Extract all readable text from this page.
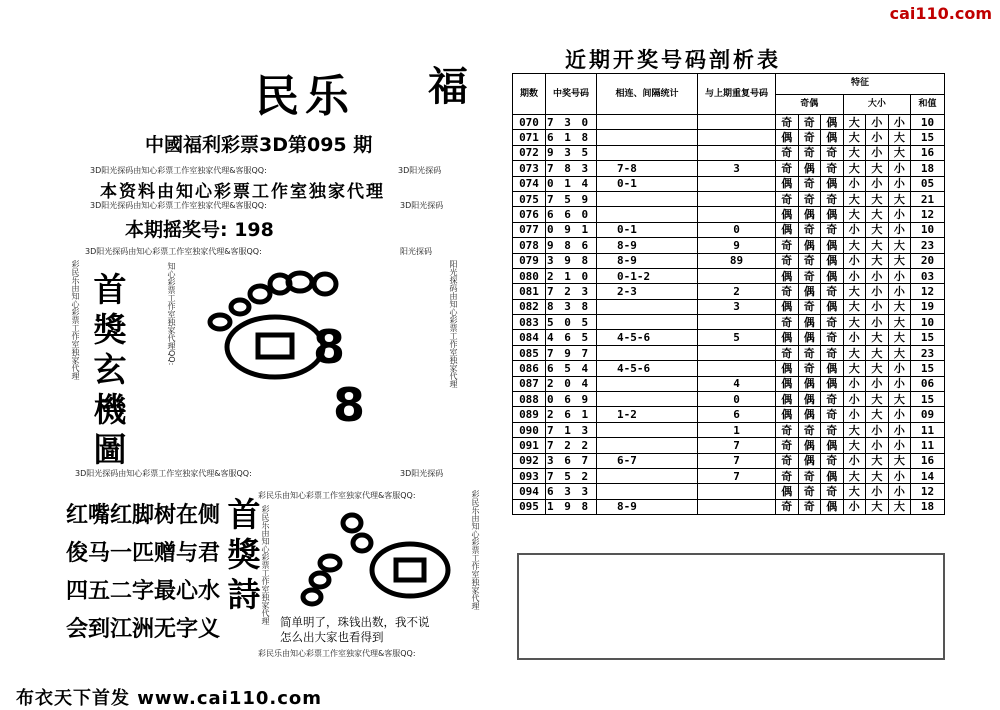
cai110.com
民乐 福
中國福利彩票3D第095 期
3D阳光探码由知心彩票工作室独家代理&客服QQ:	3D阳光探码
本资料由知心彩票工作室独家代理
3D阳光探码由知心彩票工作室独家代理&客服QQ:	3D阳光探码
本期摇奖号: 198
3D阳光探码由知心彩票工作室独家代理&客服QQ:	阳光探码
彩民乐由知心彩票工作室独家代理	阳光探码由知心彩票工作室独家代理
知心彩票工作室独家代理QQ:
首
獎
玄
機
圖
8
8
3D阳光探码由知心彩票工作室独家代理&客服QQ:	3D阳光探码
红嘴红脚树在侧
俊马一匹赠与君
四五二字最心水
会到江洲无字义
彩民乐由知心彩票工作室独家代理&客服QQ:
彩民乐由知心彩票工作室独家代理	彩民乐由知心彩票工作室独家代理
首
獎
詩
简单明了，珠钱出数，我不说
怎么出大家也看得到
彩民乐由知心彩票工作室独家代理&客服QQ:
布衣天下首发 www.cai110.com
近期开奖号码剖析表
期数	中奖号码	相连、间隔统计	与上期重复号码	特征						
				奇偶			大小			和值
070	7 3 0			奇	奇	偶	大	小	小	10
071	6 1 8			偶	奇	偶	大	小	大	15
072	9 3 5			奇	奇	奇	大	小	大	16
073	7 8 3	7-8	3	奇	偶	奇	大	大	小	18
074	0 1 4	0-1		偶	奇	偶	小	小	小	05
075	7 5 9			奇	奇	奇	大	大	大	21
076	6 6 0			偶	偶	偶	大	大	小	12
077	0 9 1	0-1	0	偶	奇	奇	小	大	小	10
078	9 8 6	8-9	9	奇	偶	偶	大	大	大	23
079	3 9 8	8-9	89	奇	奇	偶	小	大	大	20
080	2 1 0	0-1-2		偶	奇	偶	小	小	小	03
081	7 2 3	2-3	2	奇	偶	奇	大	小	小	12
082	8 3 8		3	偶	奇	偶	大	小	大	19
083	5 0 5			奇	偶	奇	大	小	大	10
084	4 6 5	4-5-6	5	偶	偶	奇	小	大	大	15
085	7 9 7			奇	奇	奇	大	大	大	23
086	6 5 4	4-5-6		偶	奇	偶	大	大	小	15
087	2 0 4		4	偶	偶	偶	小	小	小	06
088	0 6 9		0	偶	偶	奇	小	大	大	15
089	2 6 1	1-2	6	偶	偶	奇	小	大	小	09
090	7 1 3		1	奇	奇	奇	大	小	小	11
091	7 2 2		7	奇	偶	偶	大	小	小	11
092	3 6 7	6-7	7	奇	偶	奇	小	大	大	16
093	7 5 2		7	奇	奇	偶	大	大	小	14
094	6 3 3			偶	奇	奇	大	小	小	12
095	1 9 8	8-9		奇	奇	偶	小	大	大	18
